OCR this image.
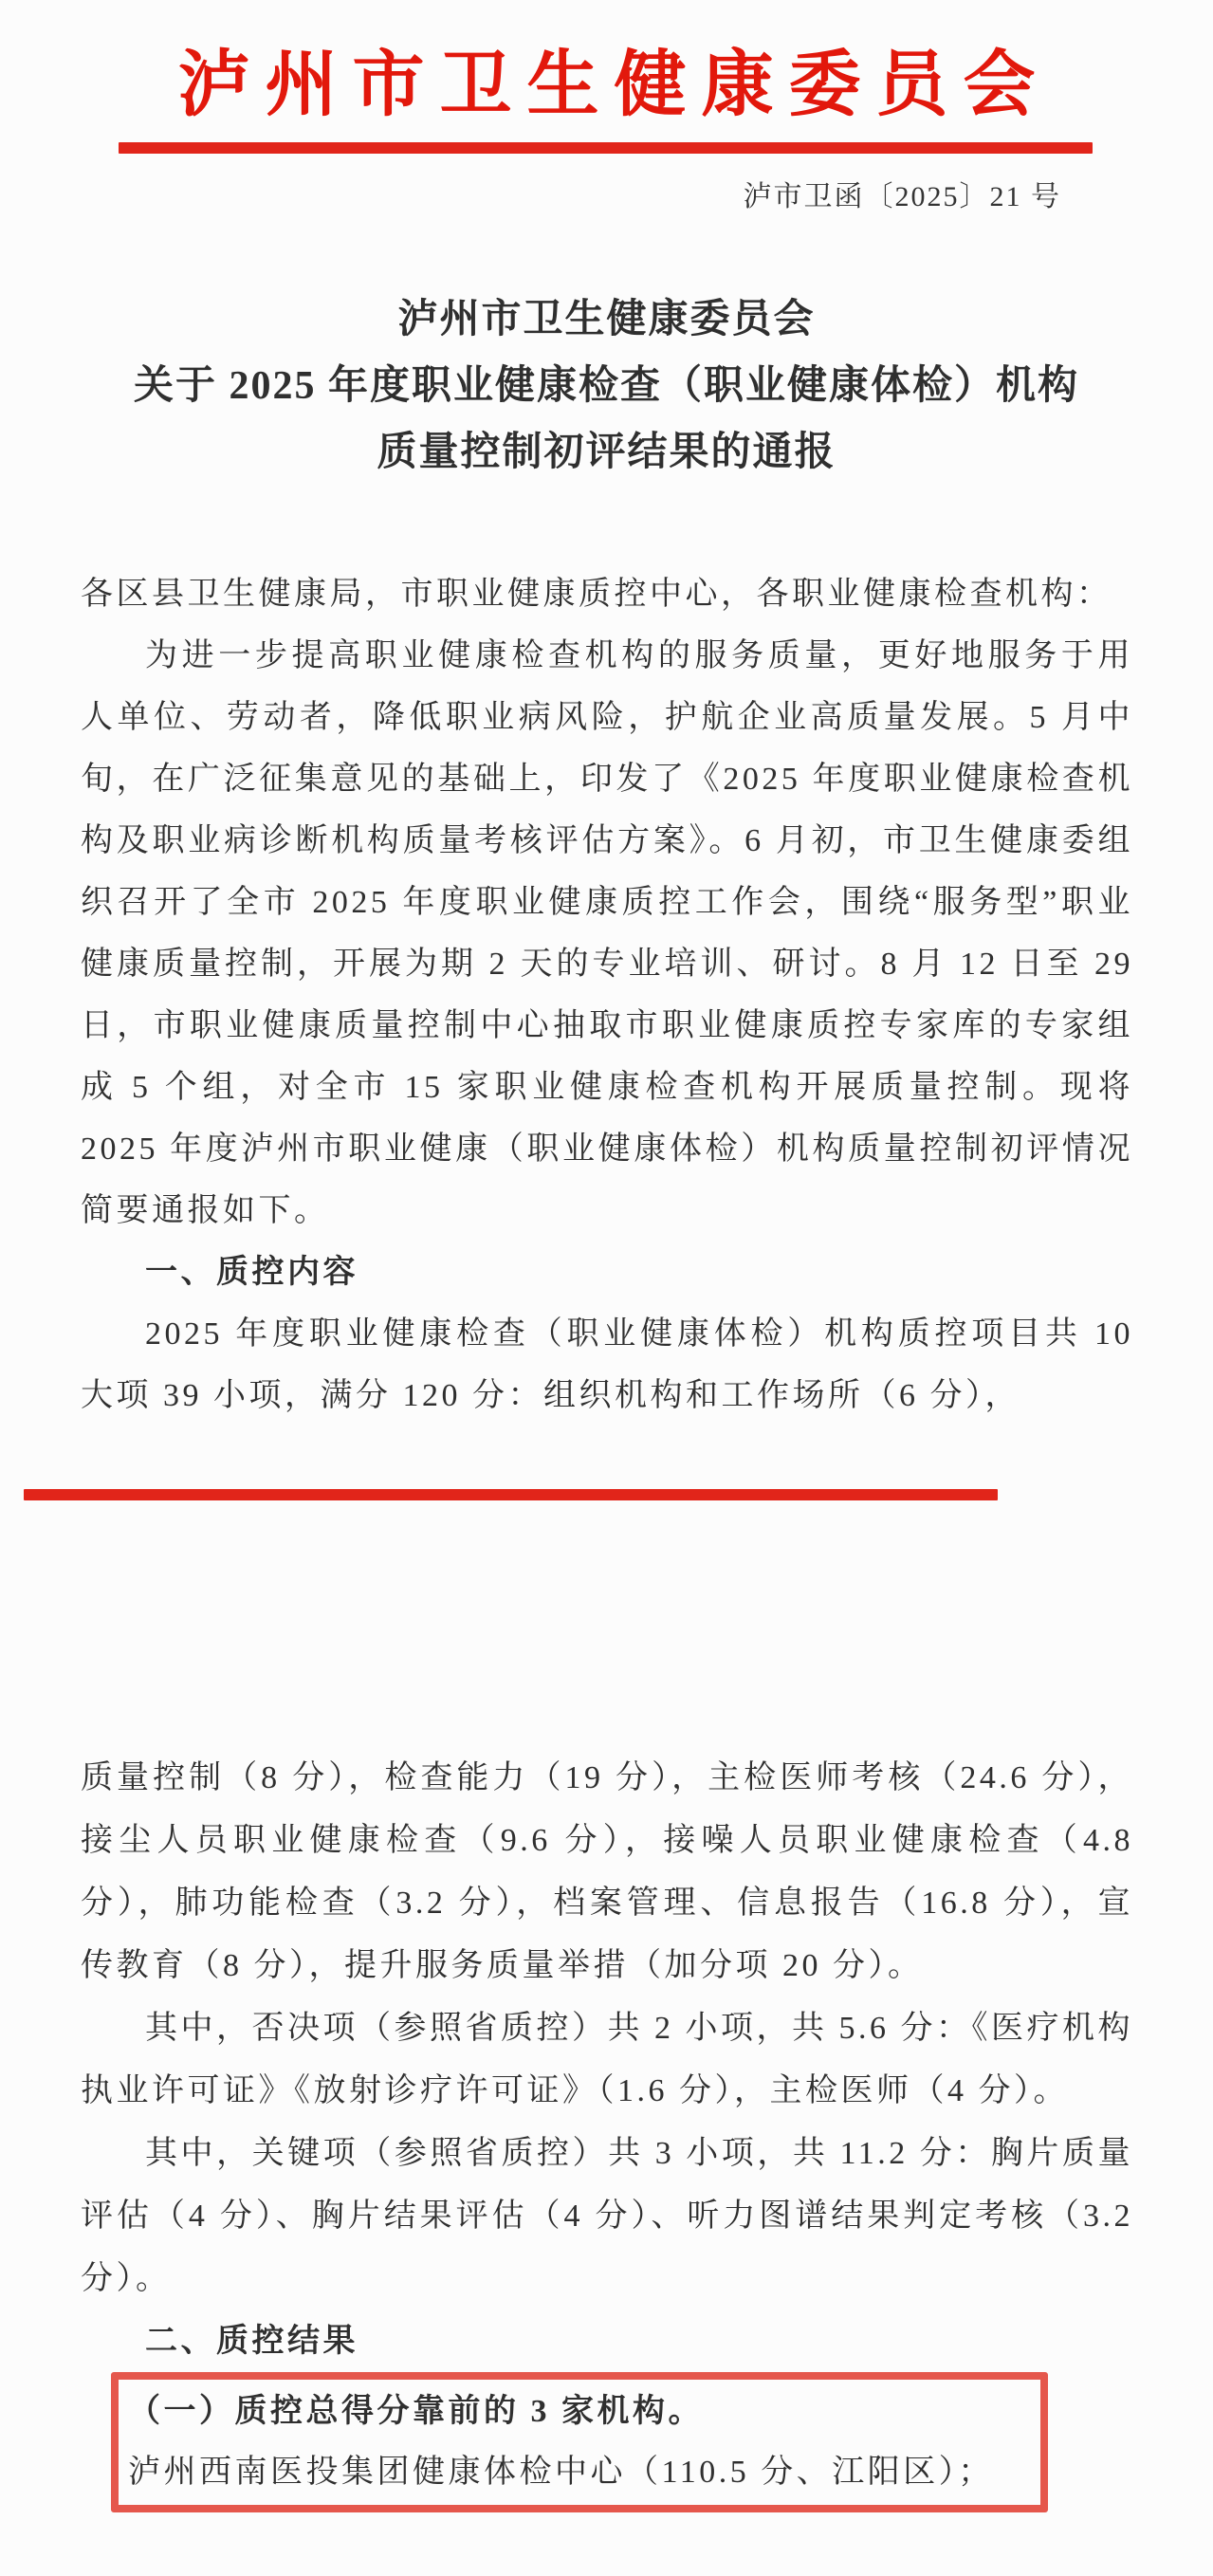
泸州市卫生健康委员会
泸市卫函〔2025〕21 号
泸州市卫生健康委员会
关于 2025 年度职业健康检查（职业健康体检）机构
质量控制初评结果的通报

各区县卫生健康局，市职业健康质控中心，各职业健康检查机构：

为进一步提高职业健康检查机构的服务质量，更好地服务于用人单位、劳动者，降低职业病风险，护航企业高质量发展。5 月中旬，在广泛征集意见的基础上，印发了《2025 年度职业健康检查机构及职业病诊断机构质量考核评估方案》。6 月初，市卫生健康委组织召开了全市 2025 年度职业健康质控工作会，围绕“服务型”职业健康质量控制，开展为期 2 天的专业培训、研讨。8 月 12 日至 29 日，市职业健康质量控制中心抽取市职业健康质控专家库的专家组成 5 个组，对全市 15 家职业健康检查机构开展质量控制。现将 2025 年度泸州市职业健康（职业健康体检）机构质量控制初评情况简要通报如下。

一、质控内容

2025 年度职业健康检查（职业健康体检）机构质控项目共 10 大项 39 小项，满分 120 分：组织机构和工作场所（6 分），

质量控制（8 分），检查能力（19 分），主检医师考核（24.6 分），接尘人员职业健康检查（9.6 分），接噪人员职业健康检查（4.8 分），肺功能检查（3.2 分），档案管理、信息报告（16.8 分），宣传教育（8 分），提升服务质量举措（加分项 20 分）。

其中，否决项（参照省质控）共 2 小项，共 5.6 分：《医疗机构执业许可证》《放射诊疗许可证》（1.6 分），主检医师（4 分）。

其中，关键项（参照省质控）共 3 小项，共 11.2 分：胸片质量评估（4 分）、胸片结果评估（4 分）、听力图谱结果判定考核（3.2 分）。

二、质控结果

（一）质控总得分靠前的 3 家机构。

泸州西南医投集团健康体检中心（110.5 分、江阳区）；
